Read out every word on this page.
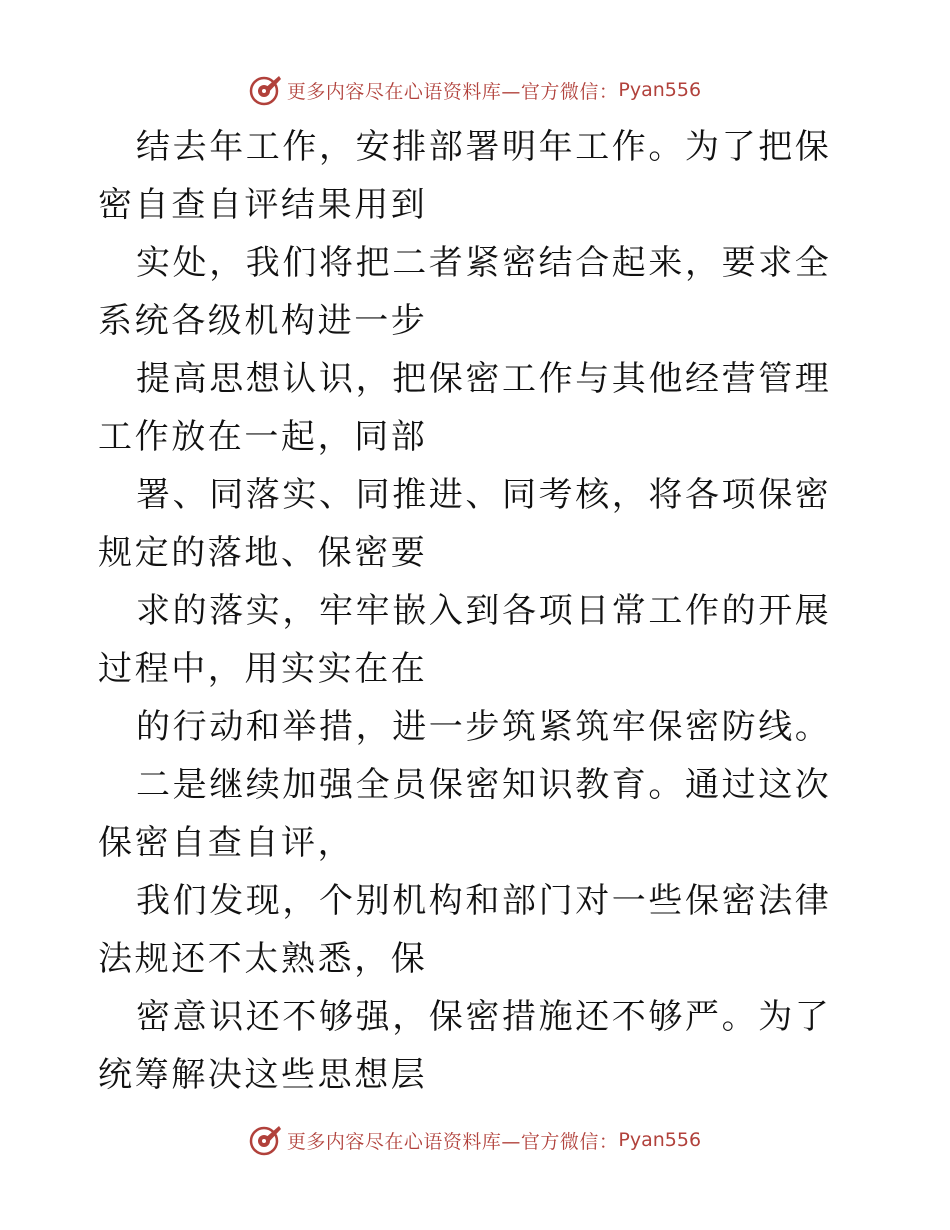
更多内容尽在心语资料库—官方微信： Pyan556

结去年工作，安排部署明年工作。为了把保密自查自评结果用到

实处，我们将把二者紧密结合起来，要求全系统各级机构进一步

提高思想认识，把保密工作与其他经营管理工作放在一起，同部

署、同落实、同推进、同考核，将各项保密规定的落地、保密要

求的落实，牢牢嵌入到各项日常工作的开展过程中，用实实在在

的行动和举措，进一步筑紧筑牢保密防线。

二是继续加强全员保密知识教育。通过这次保密自查自评，

我们发现，个别机构和部门对一些保密法律法规还不太熟悉，保

密意识还不够强，保密措施还不够严。为了统筹解决这些思想层

更多内容尽在心语资料库—官方微信： Pyan556
